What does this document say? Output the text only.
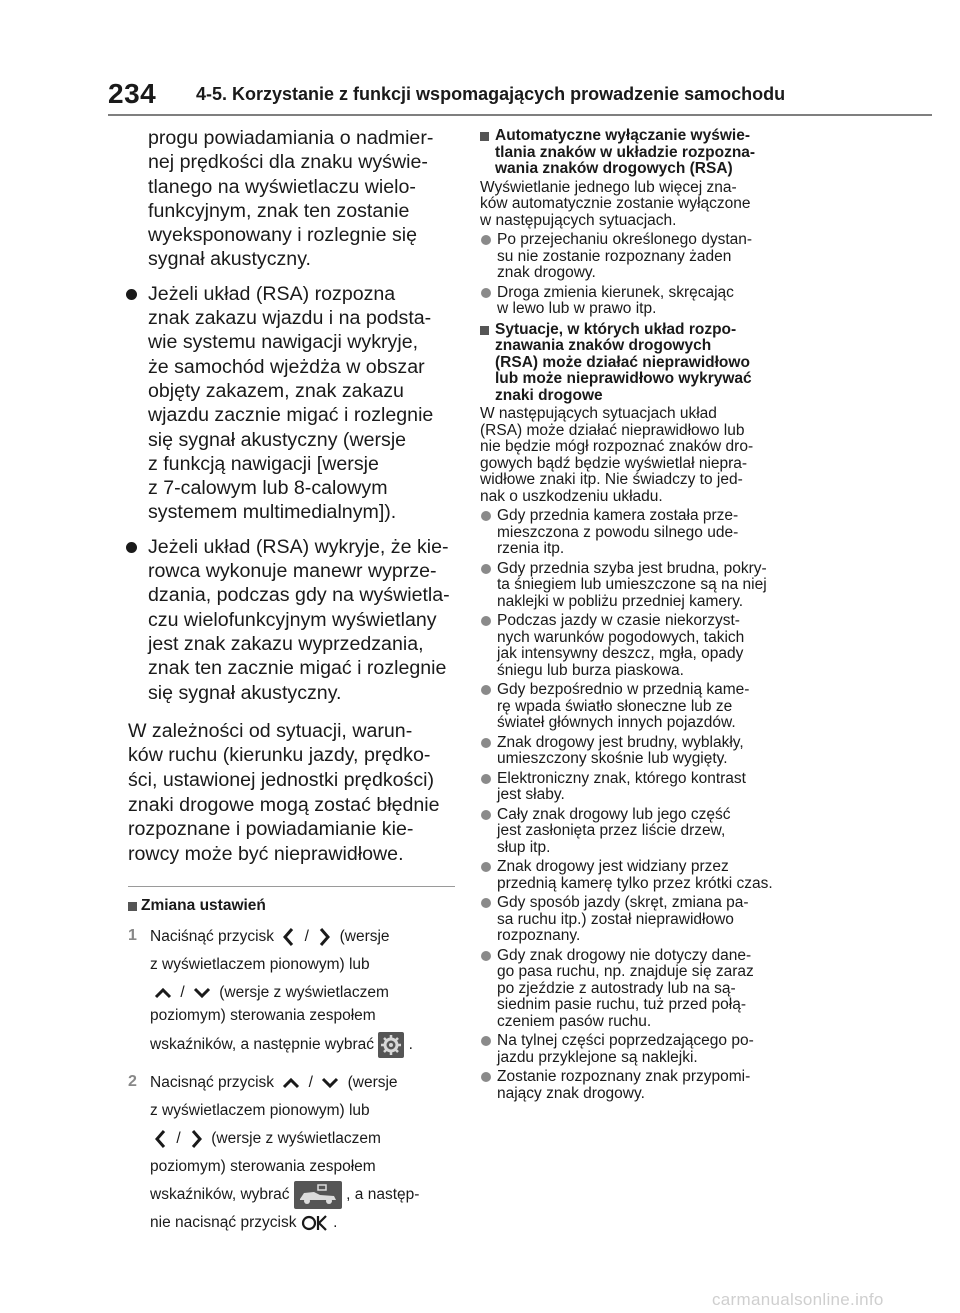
234 4-5. Korzystanie z funkcji wspomagających prowadzenie samochodu
progu powiadamiania o nadmier-
nej prędkości dla znaku wyświe-
tlanego na wyświetlaczu wielo-
funkcyjnym, znak ten zostanie
wyeksponowany i rozlegnie się
sygnał akustyczny.
Jeżeli układ (RSA) rozpozna
znak zakazu wjazdu i na podsta-
wie systemu nawigacji wykryje,
że samochód wjeżdża w obszar
objęty zakazem, znak zakazu
wjazdu zacznie migać i rozlegnie
się sygnał akustyczny (wersje
z funkcją nawigacji [wersje
z 7-calowym lub 8-calowym
systemem multimedialnym]).
Jeżeli układ (RSA) wykryje, że kie-
rowca wykonuje manewr wyprze-
dzania, podczas gdy na wyświetla-
czu wielofunkcyjnym wyświetlany
jest znak zakazu wyprzedzania,
znak ten zacznie migać i rozlegnie
się sygnał akustyczny.
W zależności od sytuacji, warun-
ków ruchu (kierunku jazdy, prędko-
ści, ustawionej jednostki prędkości)
znaki drogowe mogą zostać błędnie
rozpoznane i powiadamianie kie-
rowcy może być nieprawidłowe.
Zmiana ustawień
1 Naciśnąć przycisk / (wersje
z wyświetlaczem pionowym) lub
/ (wersje z wyświetlaczem
poziomym) sterowania zespołem
wskaźników, a następnie wybrać .
2 Nacisnąć przycisk / (wersje
z wyświetlaczem pionowym) lub
/ (wersje z wyświetlaczem
poziomym) sterowania zespołem
wskaźników, wybrać	, a następ-
nie nacisnąć przycisk .
Automatyczne wyłączanie wyświe-
tlania znaków w układzie rozpozna-
wania znaków drogowych (RSA)
Wyświetlanie jednego lub więcej zna-
ków automatycznie zostanie wyłączone
w następujących sytuacjach.
Po przejechaniu określonego dystan-
su nie zostanie rozpoznany żaden
znak drogowy.
Droga zmienia kierunek, skręcając
w lewo lub w prawo itp.
Sytuacje, w których układ rozpo-
znawania znaków drogowych
(RSA) może działać nieprawidłowo
lub może nieprawidłowo wykrywać
znaki drogowe
W następujących sytuacjach układ
(RSA) może działać nieprawidłowo lub
nie będzie mógł rozpoznać znaków dro-
gowych bądź będzie wyświetlał niepra-
widłowe znaki itp. Nie świadczy to jed-
nak o uszkodzeniu układu.
Gdy przednia kamera została prze-
mieszczona z powodu silnego ude-
rzenia itp.
Gdy przednia szyba jest brudna, pokry-
ta śniegiem lub umieszczone są na niej
naklejki w pobliżu przedniej kamery.
Podczas jazdy w czasie niekorzyst-
nych warunków pogodowych, takich
jak intensywny deszcz, mgła, opady
śniegu lub burza piaskowa.
Gdy bezpośrednio w przednią kame-
rę wpada światło słoneczne lub ze
świateł głównych innych pojazdów.
Znak drogowy jest brudny, wyblakły,
umieszczony skośnie lub wygięty.
Elektroniczny znak, którego kontrast
jest słaby.
Cały znak drogowy lub jego część
jest zasłonięta przez liście drzew,
słup itp.
Znak drogowy jest widziany przez
przednią kamerę tylko przez krótki czas.
Gdy sposób jazdy (skręt, zmiana pa-
sa ruchu itp.) został nieprawidłowo
rozpoznany.
Gdy znak drogowy nie dotyczy dane-
go pasa ruchu, np. znajduje się zaraz
po zjeździe z autostrady lub na są-
siednim pasie ruchu, tuż przed połą-
czeniem pasów ruchu.
Na tylnej części poprzedzającego po-
jazdu przyklejone są naklejki.
Zostanie rozpoznany znak przypomi-
nający znak drogowy.
carmanualsonline.info
